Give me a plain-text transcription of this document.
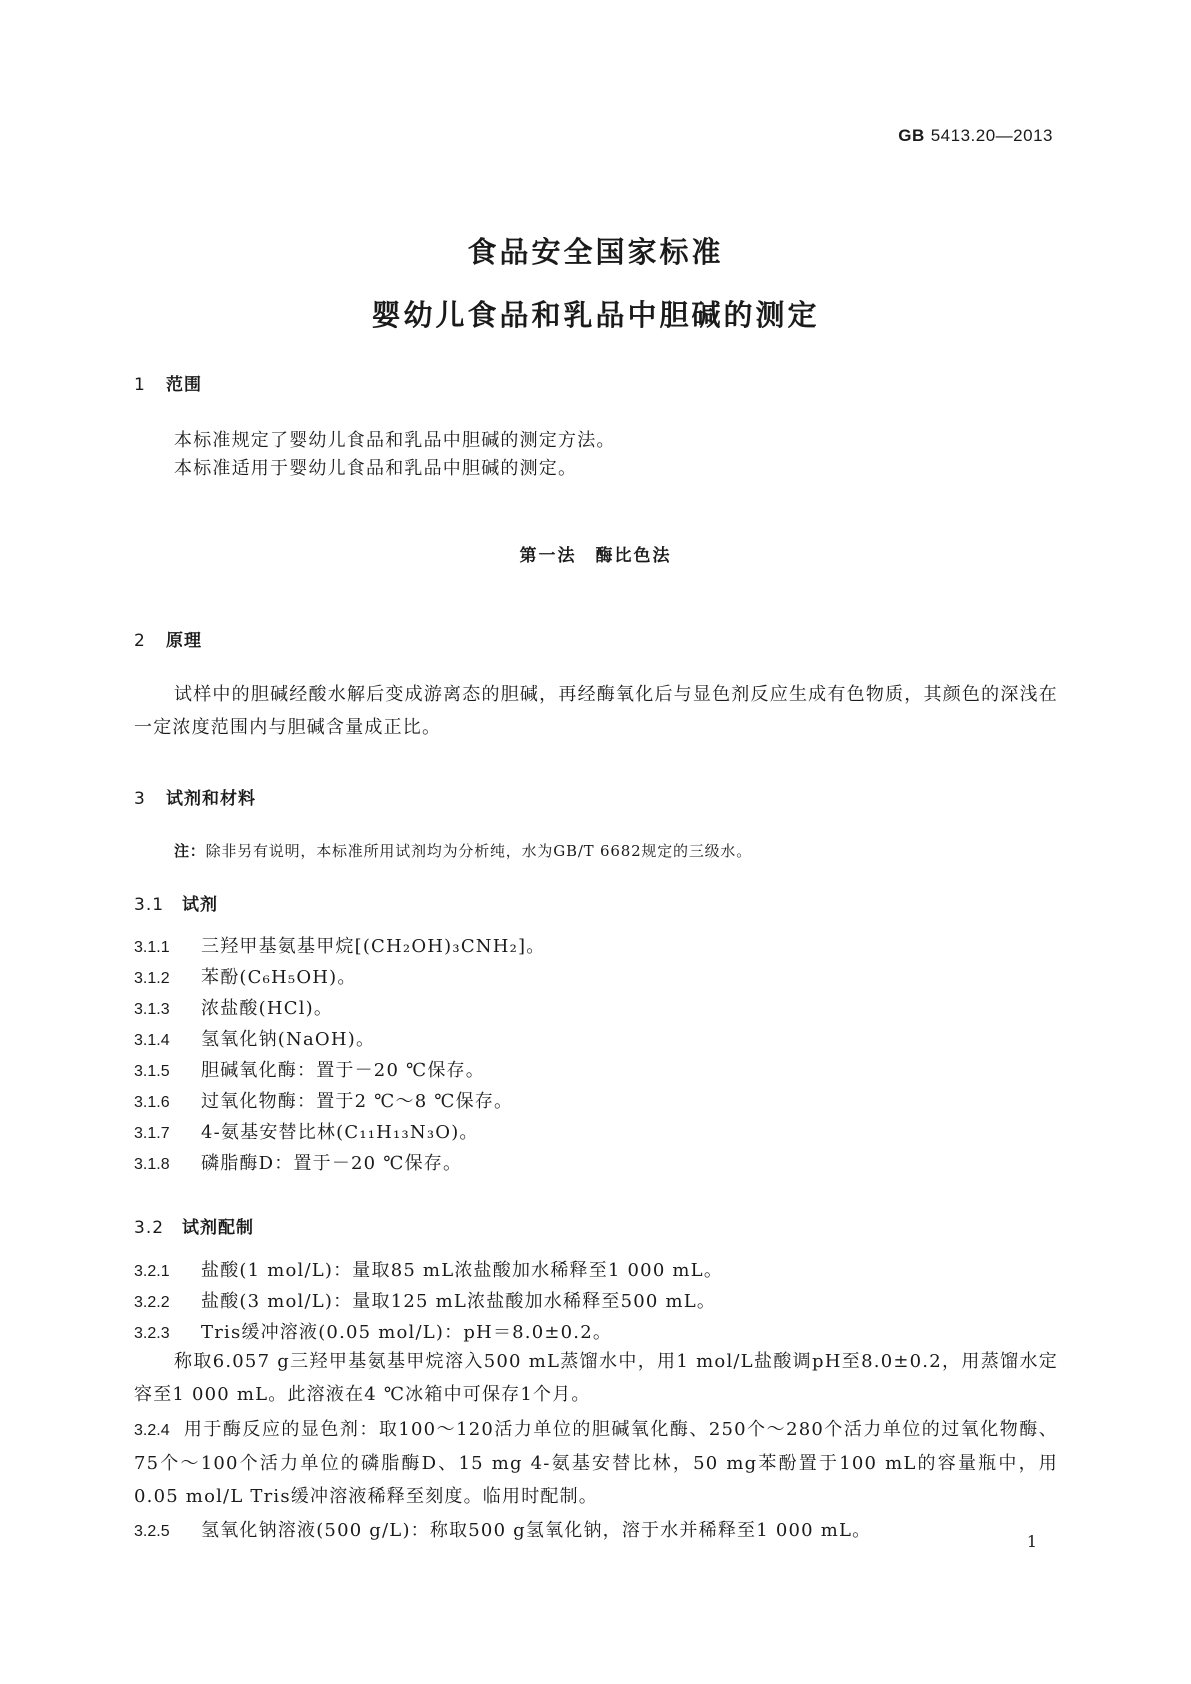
GB 5413.20—2013
食品安全国家标准
婴幼儿食品和乳品中胆碱的测定
1 范围
本标准规定了婴幼儿食品和乳品中胆碱的测定方法。
本标准适用于婴幼儿食品和乳品中胆碱的测定。
第一法　酶比色法
2 原理
试样中的胆碱经酸水解后变成游离态的胆碱，再经酶氧化后与显色剂反应生成有色物质，其颜色的深浅在一定浓度范围内与胆碱含量成正比。
3 试剂和材料
注：除非另有说明，本标准所用试剂均为分析纯，水为GB/T 6682规定的三级水。
3.1 试剂
3.1.1 三羟甲基氨基甲烷[(CH₂OH)₃CNH₂]。
3.1.2 苯酚(C₆H₅OH)。
3.1.3 浓盐酸(HCl)。
3.1.4 氢氧化钠(NaOH)。
3.1.5 胆碱氧化酶：置于－20 ℃保存。
3.1.6 过氧化物酶：置于2 ℃～8 ℃保存。
3.1.7 4-氨基安替比林(C₁₁H₁₃N₃O)。
3.1.8 磷脂酶D：置于－20 ℃保存。
3.2 试剂配制
3.2.1 盐酸(1 mol/L)：量取85 mL浓盐酸加水稀释至1 000 mL。
3.2.2 盐酸(3 mol/L)：量取125 mL浓盐酸加水稀释至500 mL。
3.2.3 Tris缓冲溶液(0.05 mol/L)：pH＝8.0±0.2。
称取6.057 g三羟甲基氨基甲烷溶入500 mL蒸馏水中，用1 mol/L盐酸调pH至8.0±0.2，用蒸馏水定容至1 000 mL。此溶液在4 ℃冰箱中可保存1个月。
3.2.4 用于酶反应的显色剂：取100～120活力单位的胆碱氧化酶、250个～280个活力单位的过氧化物酶、75个～100个活力单位的磷脂酶D、15 mg 4-氨基安替比林，50 mg苯酚置于100 mL的容量瓶中，用0.05 mol/L Tris缓冲溶液稀释至刻度。临用时配制。
3.2.5 氢氧化钠溶液(500 g/L)：称取500 g氢氧化钠，溶于水并稀释至1 000 mL。
1
